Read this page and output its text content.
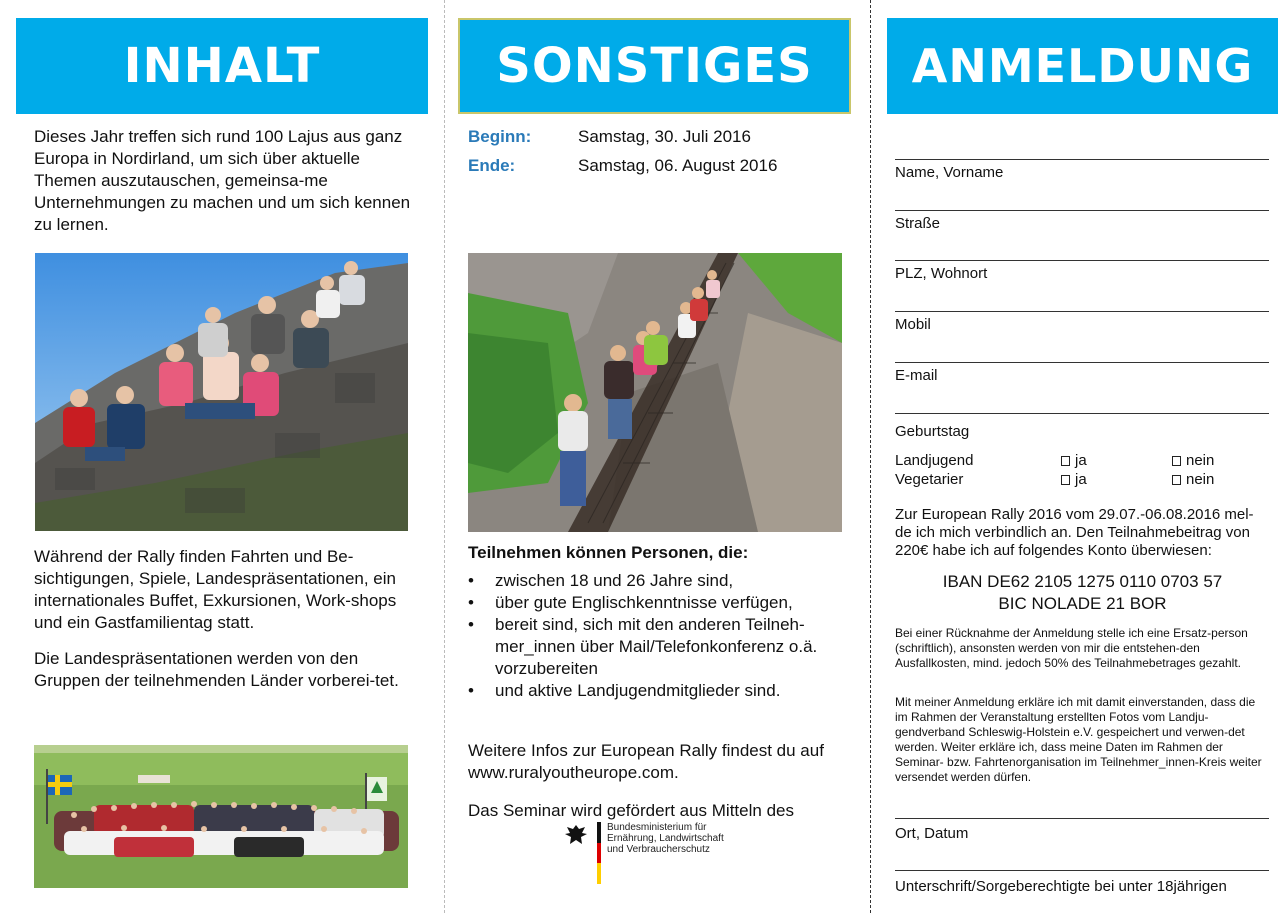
INHALT	SONSTIGES	ANMELDUNG

Dieses Jahr treffen sich rund 100 Lajus aus ganz Europa in Nordirland, um sich über aktuelle Themen auszutauschen, gemeinsa-me Unternehmungen zu machen und um sich kennen zu lernen.

Während der Rally finden Fahrten und Be-sichtigungen, Spiele, Landespräsentationen, ein internationales Buffet, Exkursionen, Work-shops und ein Gastfamilientag statt.

Die Landespräsentationen werden von den Gruppen der teilnehmenden Länder vorberei-tet.

Beginn:	Samstag, 30. Juli 2016
Ende:	Samstag, 06. August 2016

Teilnehmen können Personen, die:

• zwischen 18 und 26 Jahre sind,
• über gute Englischkenntnisse verfügen,
• bereit sind, sich mit den anderen Teilneh-mer_innen über Mail/Telefonkonferenz o.ä. vorzubereiten
• und aktive Landjugendmitglieder sind.

Weitere Infos zur European Rally findest du auf www.ruralyoutheurope.com.

Das Seminar wird gefördert aus Mitteln des

Bundesministerium für
Ernährung, Landwirtschaft
und Verbraucherschutz
Name, Vorname
Straße
PLZ, Wohnort
Mobil
E-mail
Geburtstag
Landjugend	ja	nein
Vegetarier	ja	nein

Zur European Rally 2016 vom 29.07.-06.08.2016 mel-de ich mich verbindlich an. Den Teilnahmebeitrag von 220€ habe ich auf folgendes Konto überwiesen:

IBAN DE62 2105 1275 0110 0703 57
BIC NOLADE 21 BOR

Bei einer Rücknahme der Anmeldung stelle ich eine Ersatz-person (schriftlich), ansonsten werden von mir die entstehen-den Ausfallkosten, mind. jedoch 50% des Teilnahmebetrages gezahlt.

Mit meiner Anmeldung erkläre ich mit damit einverstanden, dass die im Rahmen der Veranstaltung erstellten Fotos vom Landju-gendverband Schleswig-Holstein e.V. gespeichert und verwen-det werden. Weiter erkläre ich, dass meine Daten im Rahmen der Seminar- bzw. Fahrtenorganisation im Teilnehmer_innen-Kreis weiter versendet werden dürfen.

Ort, Datum
Unterschrift/Sorgeberechtigte bei unter 18jährigen
